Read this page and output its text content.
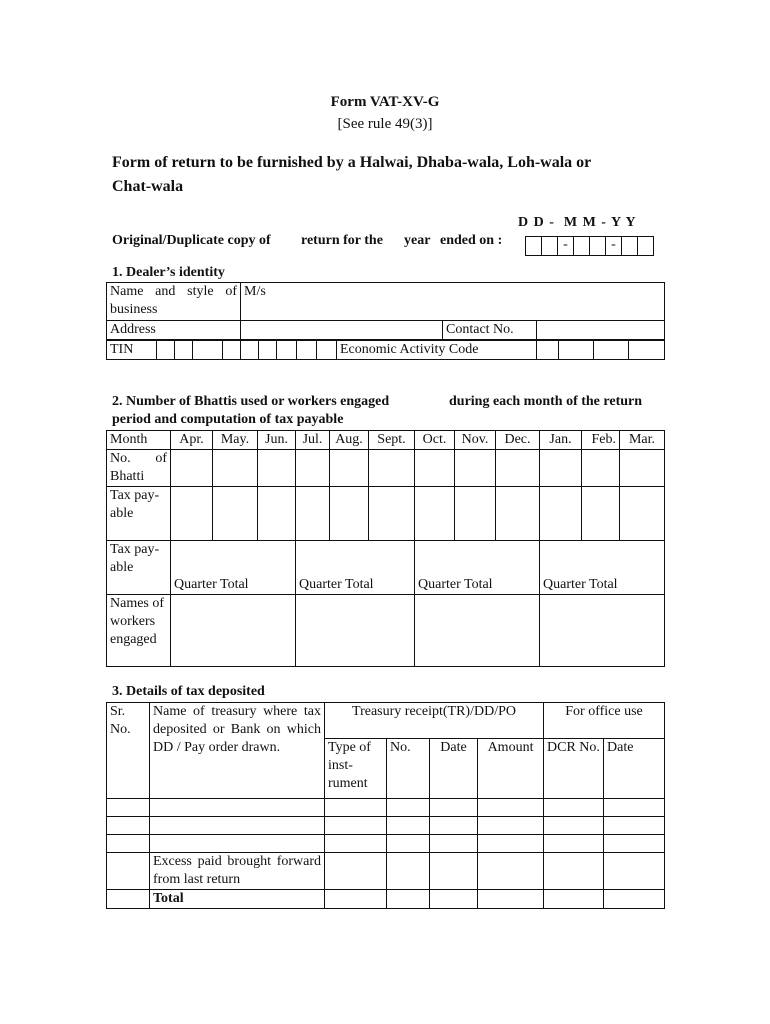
Form VAT-XV-G
[See rule 49(3)]
Form of return to be furnished by a Halwai, Dhaba-wala, Loh-wala or
Chat-wala
D D -  M M - Y Y
Original/Duplicate copy of return for the year ended on :	-	-
1. Dealer’s identity
Name and style of business	M/s		
Address		Contact No.	
TIN										Economic Activity Code				
2. Number of Bhattis used or workers engaged	during each month of the return
period and computation of tax payable
Month	Apr.	May.	Jun.	Jul.	Aug.	Sept.	Oct.	Nov.	Dec.	Jan.	Feb.	Mar.
No. of Bhatti												
Tax pay-able												
Tax pay-able	Quarter Total			Quarter Total			Quarter Total			Quarter Total		
Names of workers engaged												
3. Details of tax deposited
Sr. No.	Name of treasury where tax deposited or Bank on which DD / Pay order drawn.	Treasury receipt(TR)/DD/PO				For office use	
		Type of inst-rument	No.	Date	Amount	DCR No.	Date

	Excess paid brought forward from last return						
	Total						
